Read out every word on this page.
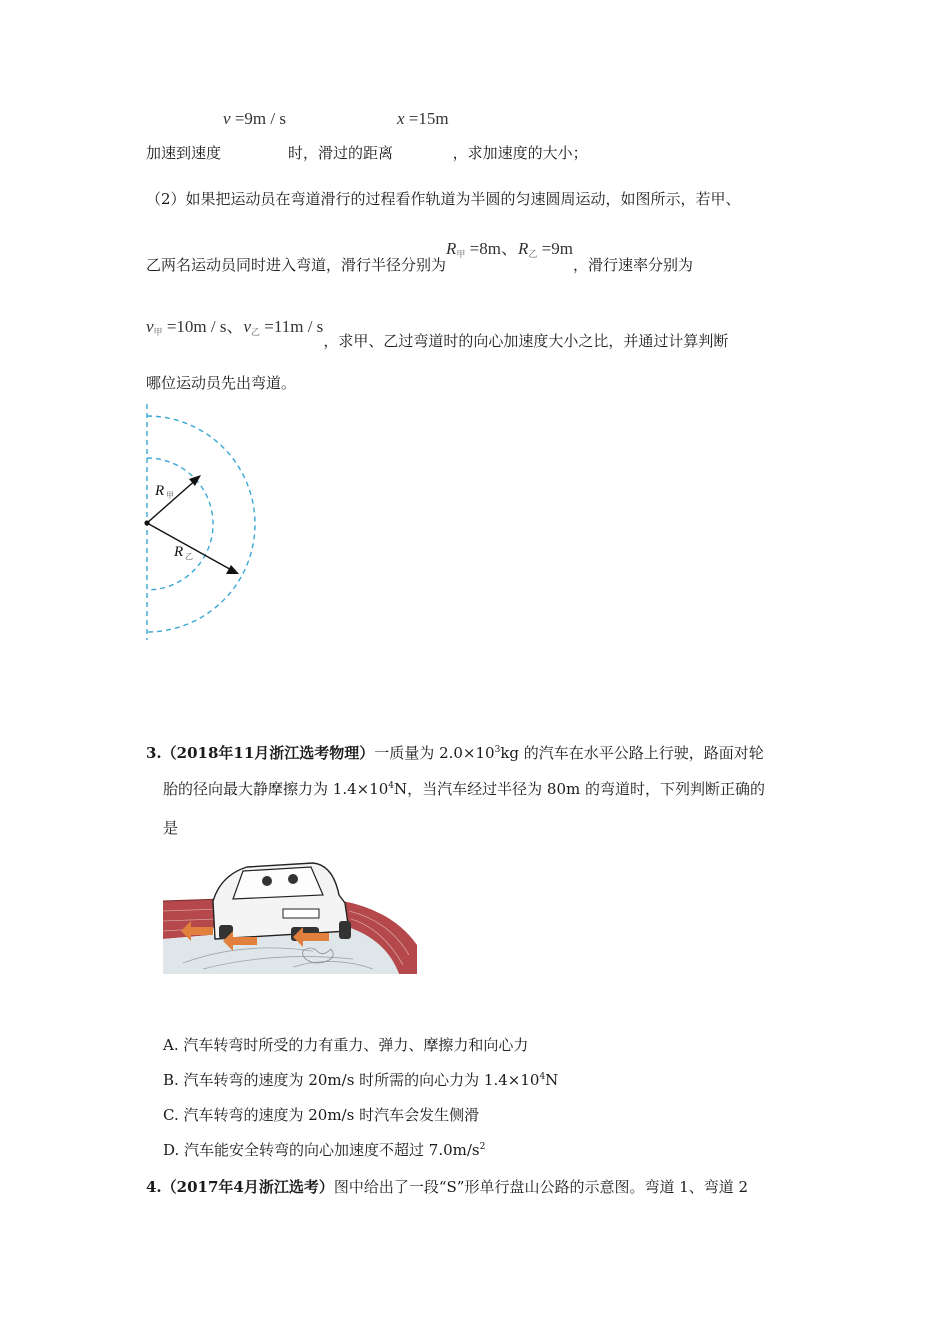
加速到速度v =9m / s时，滑过的距离x =15m，求加速度的大小；
（2）如果把运动员在弯道滑行的过程看作轨道为半圆的匀速圆周运动，如图所示，若甲、
乙两名运动员同时进入弯道，滑行半径分别为$R_甲 =8m$、$R_乙 =9m$，滑行速率分别为
$v_甲 =10m / s$、$v_乙 =11m / s$，求甲、乙过弯道时的向心加速度大小之比，并通过计算判断
哪位运动员先出弯道。
R 甲
R 乙
3.（2018年11月浙江选考物理）一质量为 $2.0\times 10^3kg$ 的汽车在水平公路上行驶，路面对轮
胎的径向最大静摩擦力为 $1.4\times 10^4N$，当汽车经过半径为 80m 的弯道时，下列判断正确的
是
A. 汽车转弯时所受的力有重力、弹力、摩擦力和向心力
B. 汽车转弯的速度为 20m/s 时所需的向心力为 $1.4\times 10^4N$
C. 汽车转弯的速度为 20m/s 时汽车会发生侧滑
D. 汽车能安全转弯的向心加速度不超过 $7.0m/s^2$
4.（2017年4月浙江选考）图中给出了一段“S”形单行盘山公路的示意图。弯道 1、弯道 2
